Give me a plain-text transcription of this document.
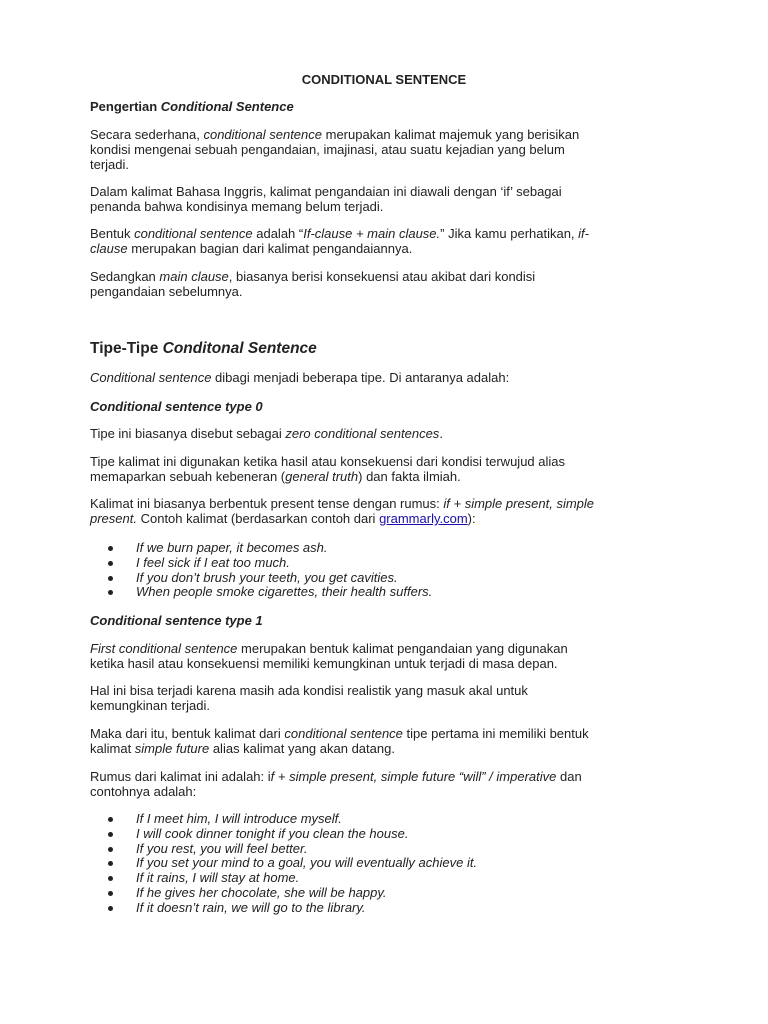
CONDITIONAL SENTENCE

Pengertian Conditional Sentence

Secara sederhana, conditional sentence merupakan kalimat majemuk yang berisikan

kondisi mengenai sebuah pengandaian, imajinasi, atau suatu kejadian yang belum

terjadi.

Dalam kalimat Bahasa Inggris, kalimat pengandaian ini diawali dengan ‘if’ sebagai

penanda bahwa kondisinya memang belum terjadi.

Bentuk conditional sentence adalah “If-clause + main clause.” Jika kamu perhatikan, if-

clause merupakan bagian dari kalimat pengandaiannya.

Sedangkan main clause, biasanya berisi konsekuensi atau akibat dari kondisi

pengandaian sebelumnya.

Tipe-Tipe Conditonal Sentence

Conditional sentence dibagi menjadi beberapa tipe. Di antaranya adalah:

Conditional sentence type 0

Tipe ini biasanya disebut sebagai zero conditional sentences.

Tipe kalimat ini digunakan ketika hasil atau konsekuensi dari kondisi terwujud alias

memaparkan sebuah kebeneran (general truth) dan fakta ilmiah.

Kalimat ini biasanya berbentuk present tense dengan rumus: if + simple present, simple

present. Contoh kalimat (berdasarkan contoh dari grammarly.com):

If we burn paper, it becomes ash.
I feel sick if I eat too much.
If you don’t brush your teeth, you get cavities.
When people smoke cigarettes, their health suffers.

Conditional sentence type 1

First conditional sentence merupakan bentuk kalimat pengandaian yang digunakan

ketika hasil atau konsekuensi memiliki kemungkinan untuk terjadi di masa depan.

Hal ini bisa terjadi karena masih ada kondisi realistik yang masuk akal untuk

kemungkinan terjadi.

Maka dari itu, bentuk kalimat dari conditional sentence tipe pertama ini memiliki bentuk

kalimat simple future alias kalimat yang akan datang.

Rumus dari kalimat ini adalah: if + simple present, simple future “will” / imperative dan

contohnya adalah:

If I meet him, I will introduce myself.
I will cook dinner tonight if you clean the house.
If you rest, you will feel better.
If you set your mind to a goal, you will eventually achieve it.
If it rains, I will stay at home.
If he gives her chocolate, she will be happy.
If it doesn’t rain, we will go to the library.
